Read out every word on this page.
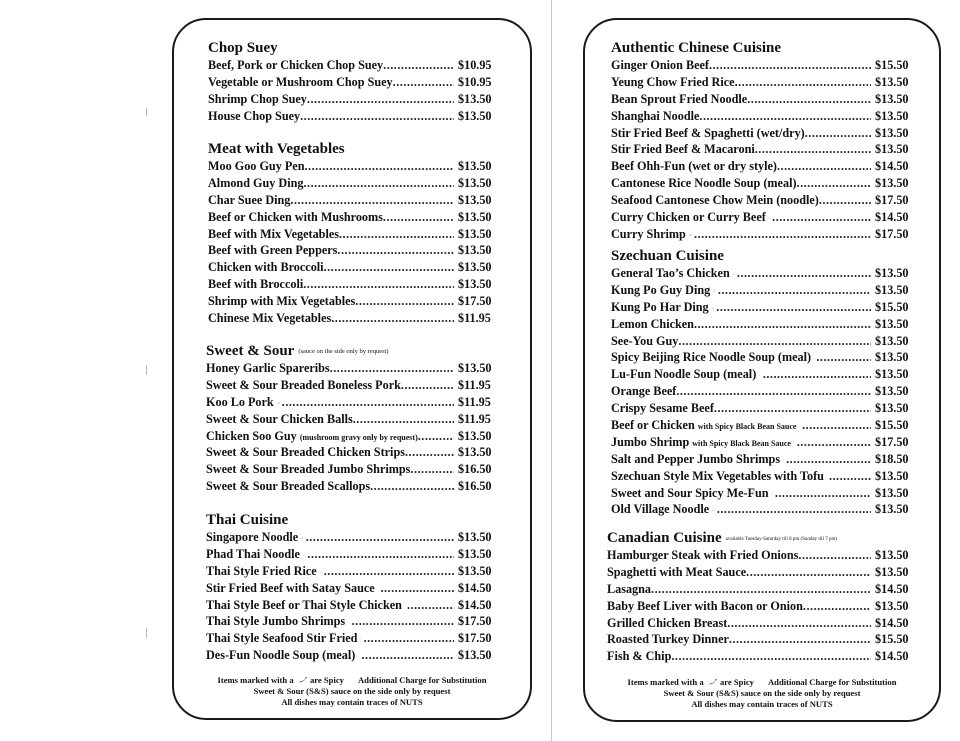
Chop Suey
Beef, Pork or Chicken Chop Suey .....	$10.95
Vegetable or Mushroom Chop Suey .....	$10.95
Shrimp Chop Suey .....	$13.50
House Chop Suey .....	$13.50
Meat with Vegetables
Moo Goo Guy Pen .....	$13.50
Almond Guy Ding .....	$13.50
Char Suee Ding .....	$13.50
Beef or Chicken with Mushrooms .....	$13.50
Beef with Mix Vegetables .....	$13.50
Beef with Green Peppers .....	$13.50
Chicken with Broccoli .....	$13.50
Beef with Broccoli .....	$13.50
Shrimp with Mix Vegetables .....	$17.50
Chinese Mix Vegetables .....	$11.95
Sweet & Sour (sauce on the side only by request)
Honey Garlic Spareribs .....	$13.50
Sweet & Sour Breaded Boneless Pork .....	$11.95
Koo Lo Pork .....	$11.95
Sweet & Sour Chicken Balls .....	$11.95
Chicken Soo Guy
(mushroom gravy only by request) .....	$13.50
Sweet & Sour Breaded Chicken Strips .....	$13.50
Sweet & Sour Breaded Jumbo Shrimps .....	$16.50
Sweet & Sour Breaded Scallops .....	$16.50
Thai Cuisine
Singapore Noodle .....	$13.50
Phad Thai Noodle .....	$13.50
Thai Style Fried Rice .....	$13.50
Stir Fried Beef with Satay Sauce .....	$14.50
Thai Style Beef or Thai Style Chicken .....	$14.50
Thai Style Jumbo Shrimps .....	$17.50
Thai Style Seafood Stir Fried .....	$17.50
Des-Fun Noodle Soup (meal) .....	$13.50
Items marked with a are Spicy Additional Charge for Substitution
Sweet & Sour (S&S) sauce on the side only by request
All dishes may contain traces of NUTS
Authentic Chinese Cuisine
Ginger Onion Beef .....	$15.50
Yeung Chow Fried Rice .....	$13.50
Bean Sprout Fried Noodle .....	$13.50
Shanghai Noodle .....	$13.50
Stir Fried Beef & Spaghetti (wet/dry) .....	$13.50
Stir Fried Beef & Macaroni .....	$13.50
Beef Ohh-Fun (wet or dry style) .....	$14.50
Cantonese Rice Noodle Soup (meal) .....	$13.50
Seafood Cantonese Chow Mein (noodle) .....	$17.50
Curry Chicken or Curry Beef .....	$14.50
Curry Shrimp .....	$17.50
Szechuan Cuisine
General Tao’s Chicken .....	$13.50
Kung Po Guy Ding .....	$13.50
Kung Po Har Ding .....	$15.50
Lemon Chicken .....	$13.50
See-You Guy .....	$13.50
Spicy Beijing Rice Noodle Soup (meal) .....	$13.50
Lu-Fun Noodle Soup (meal) .....	$13.50
Orange Beef .....	$13.50
Crispy Sesame Beef .....	$13.50
Beef or Chicken
with Spicy Black Bean Sauce .....	$15.50
Jumbo Shrimp
with Spicy Black Bean Sauce .....	$17.50
Salt and Pepper Jumbo Shrimps .....	$18.50
Szechuan Style Mix Vegetables with Tofu .....	$13.50
Sweet and Sour Spicy Me-Fun .....	$13.50
Old Village Noodle .....	$13.50
Canadian Cuisine available Tuesday-Saturday till 8 pm (Sunday till 7 pm)
Hamburger Steak with Fried Onions .....	$13.50
Spaghetti with Meat Sauce .....	$13.50
Lasagna .....	$14.50
Baby Beef Liver with Bacon or Onion .....	$13.50
Grilled Chicken Breast .....	$14.50
Roasted Turkey Dinner .....	$15.50
Fish & Chip .....	$14.50
Items marked with a are Spicy Additional Charge for Substitution
Sweet & Sour (S&S) sauce on the side only by request
All dishes may contain traces of NUTS
